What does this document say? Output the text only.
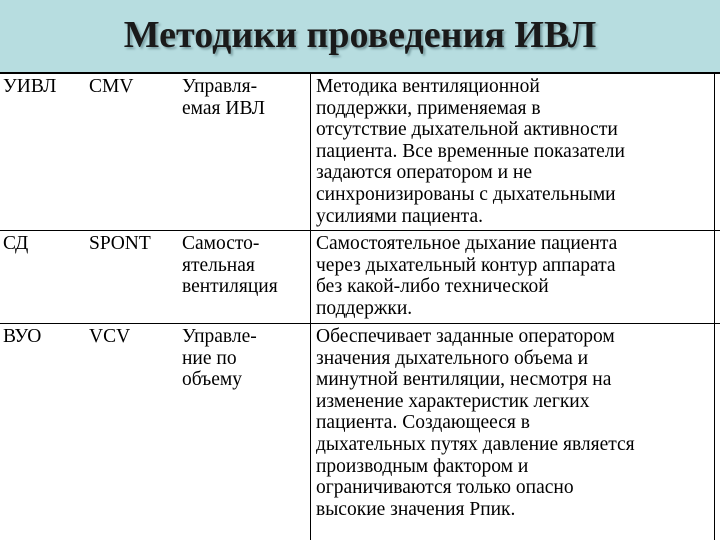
Методики проведения ИВЛ
УИВЛ CMV Управля-
емая ИВЛ
Методика вентиляционной
поддержки, применяемая в
отсутствие дыхательной активности
пациента. Все временные показатели
задаются оператором и не
синхронизированы с дыхательными
усилиями пациента.
СД	SPONT Самосто-
ятельная
вентиляция
Самостоятельное дыхание пациента
через дыхательный контур аппарата
без какой-либо технической
поддержки.
ВУО VCV	Управле-
ние по
объему
Обеспечивает заданные оператором
значения дыхательного объема и
минутной вентиляции, несмотря на
изменение характеристик легких
пациента. Создающееся в
дыхательных путях давление является
производным фактором и
ограничиваются только опасно
высокие значения Рпик.
